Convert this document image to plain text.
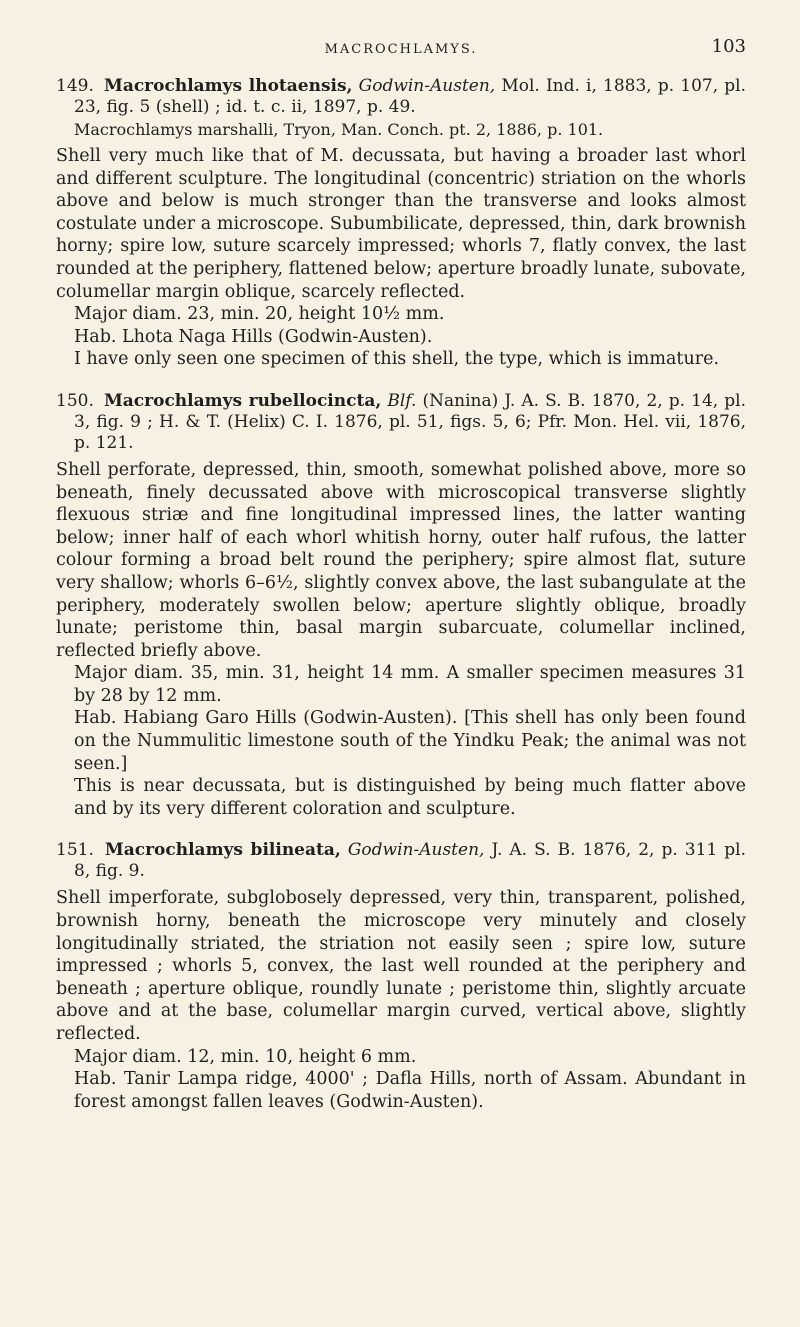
MACROCHLAMYS.	103
149. Macrochlamys lhotaensis, Godwin-Austen, Mol. Ind. i, 1883, p. 107, pl. 23, fig. 5 (shell) ; id. t. c. ii, 1897, p. 49.
Macrochlamys marshalli, Tryon, Man. Conch. pt. 2, 1886, p. 101.
Shell very much like that of M. decussata, but having a broader last whorl and different sculpture. The longitudinal (concentric) striation on the whorls above and below is much stronger than the transverse and looks almost costulate under a microscope. Subumbilicate, depressed, thin, dark brownish horny; spire low, suture scarcely impressed; whorls 7, flatly convex, the last rounded at the periphery, flattened below; aperture broadly lunate, subovate, columellar margin oblique, scarcely reflected.
Major diam. 23, min. 20, height 10½ mm.
Hab. Lhota Naga Hills (Godwin-Austen).
I have only seen one specimen of this shell, the type, which is immature.
150. Macrochlamys rubellocincta, Blf. (Nanina) J. A. S. B. 1870, 2, p. 14, pl. 3, fig. 9 ; H. & T. (Helix) C. I. 1876, pl. 51, figs. 5, 6; Pfr. Mon. Hel. vii, 1876, p. 121.
Shell perforate, depressed, thin, smooth, somewhat polished above, more so beneath, finely decussated above with microscopical transverse slightly flexuous striæ and fine longitudinal impressed lines, the latter wanting below; inner half of each whorl whitish horny, outer half rufous, the latter colour forming a broad belt round the periphery; spire almost flat, suture very shallow; whorls 6–6½, slightly convex above, the last subangulate at the periphery, moderately swollen below; aperture slightly oblique, broadly lunate; peristome thin, basal margin subarcuate, columellar inclined, reflected briefly above.
Major diam. 35, min. 31, height 14 mm. A smaller specimen measures 31 by 28 by 12 mm.
Hab. Habiang Garo Hills (Godwin-Austen). [This shell has only been found on the Nummulitic limestone south of the Yindku Peak; the animal was not seen.]
This is near decussata, but is distinguished by being much flatter above and by its very different coloration and sculpture.
151. Macrochlamys bilineata, Godwin-Austen, J. A. S. B. 1876, 2, p. 311 pl. 8, fig. 9.
Shell imperforate, subglobosely depressed, very thin, transparent, polished, brownish horny, beneath the microscope very minutely and closely longitudinally striated, the striation not easily seen ; spire low, suture impressed ; whorls 5, convex, the last well rounded at the periphery and beneath ; aperture oblique, roundly lunate ; peristome thin, slightly arcuate above and at the base, columellar margin curved, vertical above, slightly reflected.
Major diam. 12, min. 10, height 6 mm.
Hab. Tanir Lampa ridge, 4000' ; Dafla Hills, north of Assam. Abundant in forest amongst fallen leaves (Godwin-Austen).
